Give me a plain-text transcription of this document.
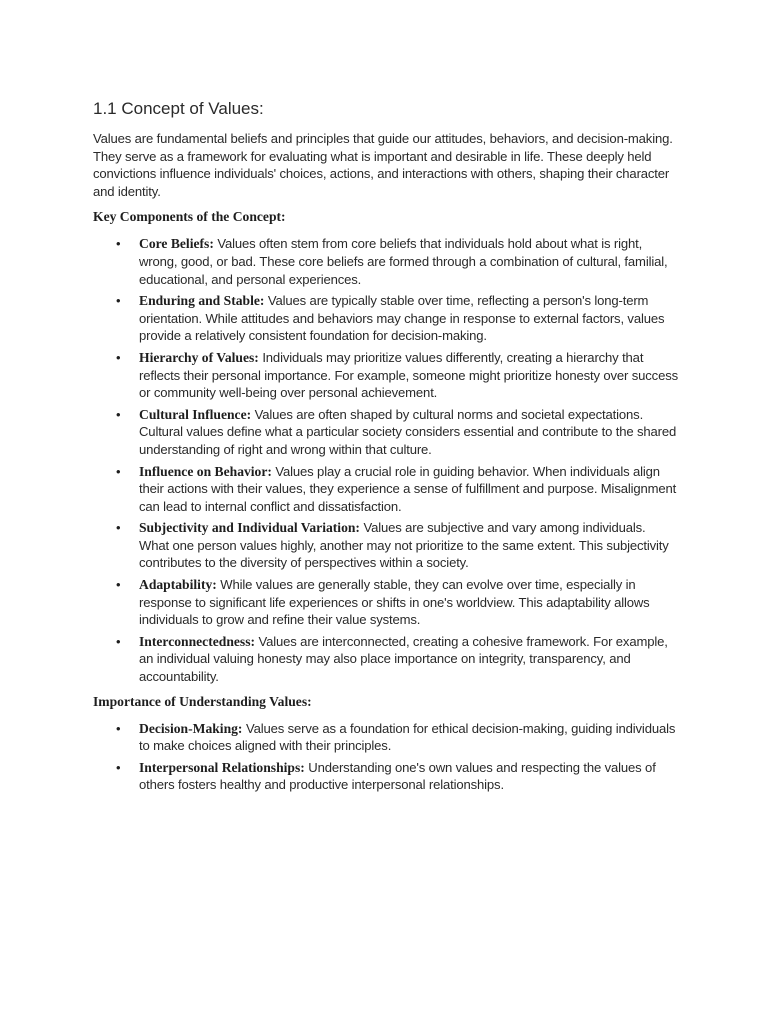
1.1 Concept of Values:

Values are fundamental beliefs and principles that guide our attitudes, behaviors, and decision-making. They serve as a framework for evaluating what is important and desirable in life. These deeply held convictions influence individuals' choices, actions, and interactions with others, shaping their character and identity.

Key Components of the Concept:
• Core Beliefs: Values often stem from core beliefs that individuals hold about what is right, wrong, good, or bad. These core beliefs are formed through a combination of cultural, familial, educational, and personal experiences.
• Enduring and Stable: Values are typically stable over time, reflecting a person's long-term orientation. While attitudes and behaviors may change in response to external factors, values provide a relatively consistent foundation for decision-making.
• Hierarchy of Values: Individuals may prioritize values differently, creating a hierarchy that reflects their personal importance. For example, someone might prioritize honesty over success or community well-being over personal achievement.
• Cultural Influence: Values are often shaped by cultural norms and societal expectations. Cultural values define what a particular society considers essential and contribute to the shared understanding of right and wrong within that culture.
• Influence on Behavior: Values play a crucial role in guiding behavior. When individuals align their actions with their values, they experience a sense of fulfillment and purpose. Misalignment can lead to internal conflict and dissatisfaction.
• Subjectivity and Individual Variation: Values are subjective and vary among individuals. What one person values highly, another may not prioritize to the same extent. This subjectivity contributes to the diversity of perspectives within a society.
• Adaptability: While values are generally stable, they can evolve over time, especially in response to significant life experiences or shifts in one's worldview. This adaptability allows individuals to grow and refine their value systems.
• Interconnectedness: Values are interconnected, creating a cohesive framework. For example, an individual valuing honesty may also place importance on integrity, transparency, and accountability.
Importance of Understanding Values:
• Decision-Making: Values serve as a foundation for ethical decision-making, guiding individuals to make choices aligned with their principles.
• Interpersonal Relationships: Understanding one's own values and respecting the values of others fosters healthy and productive interpersonal relationships.
